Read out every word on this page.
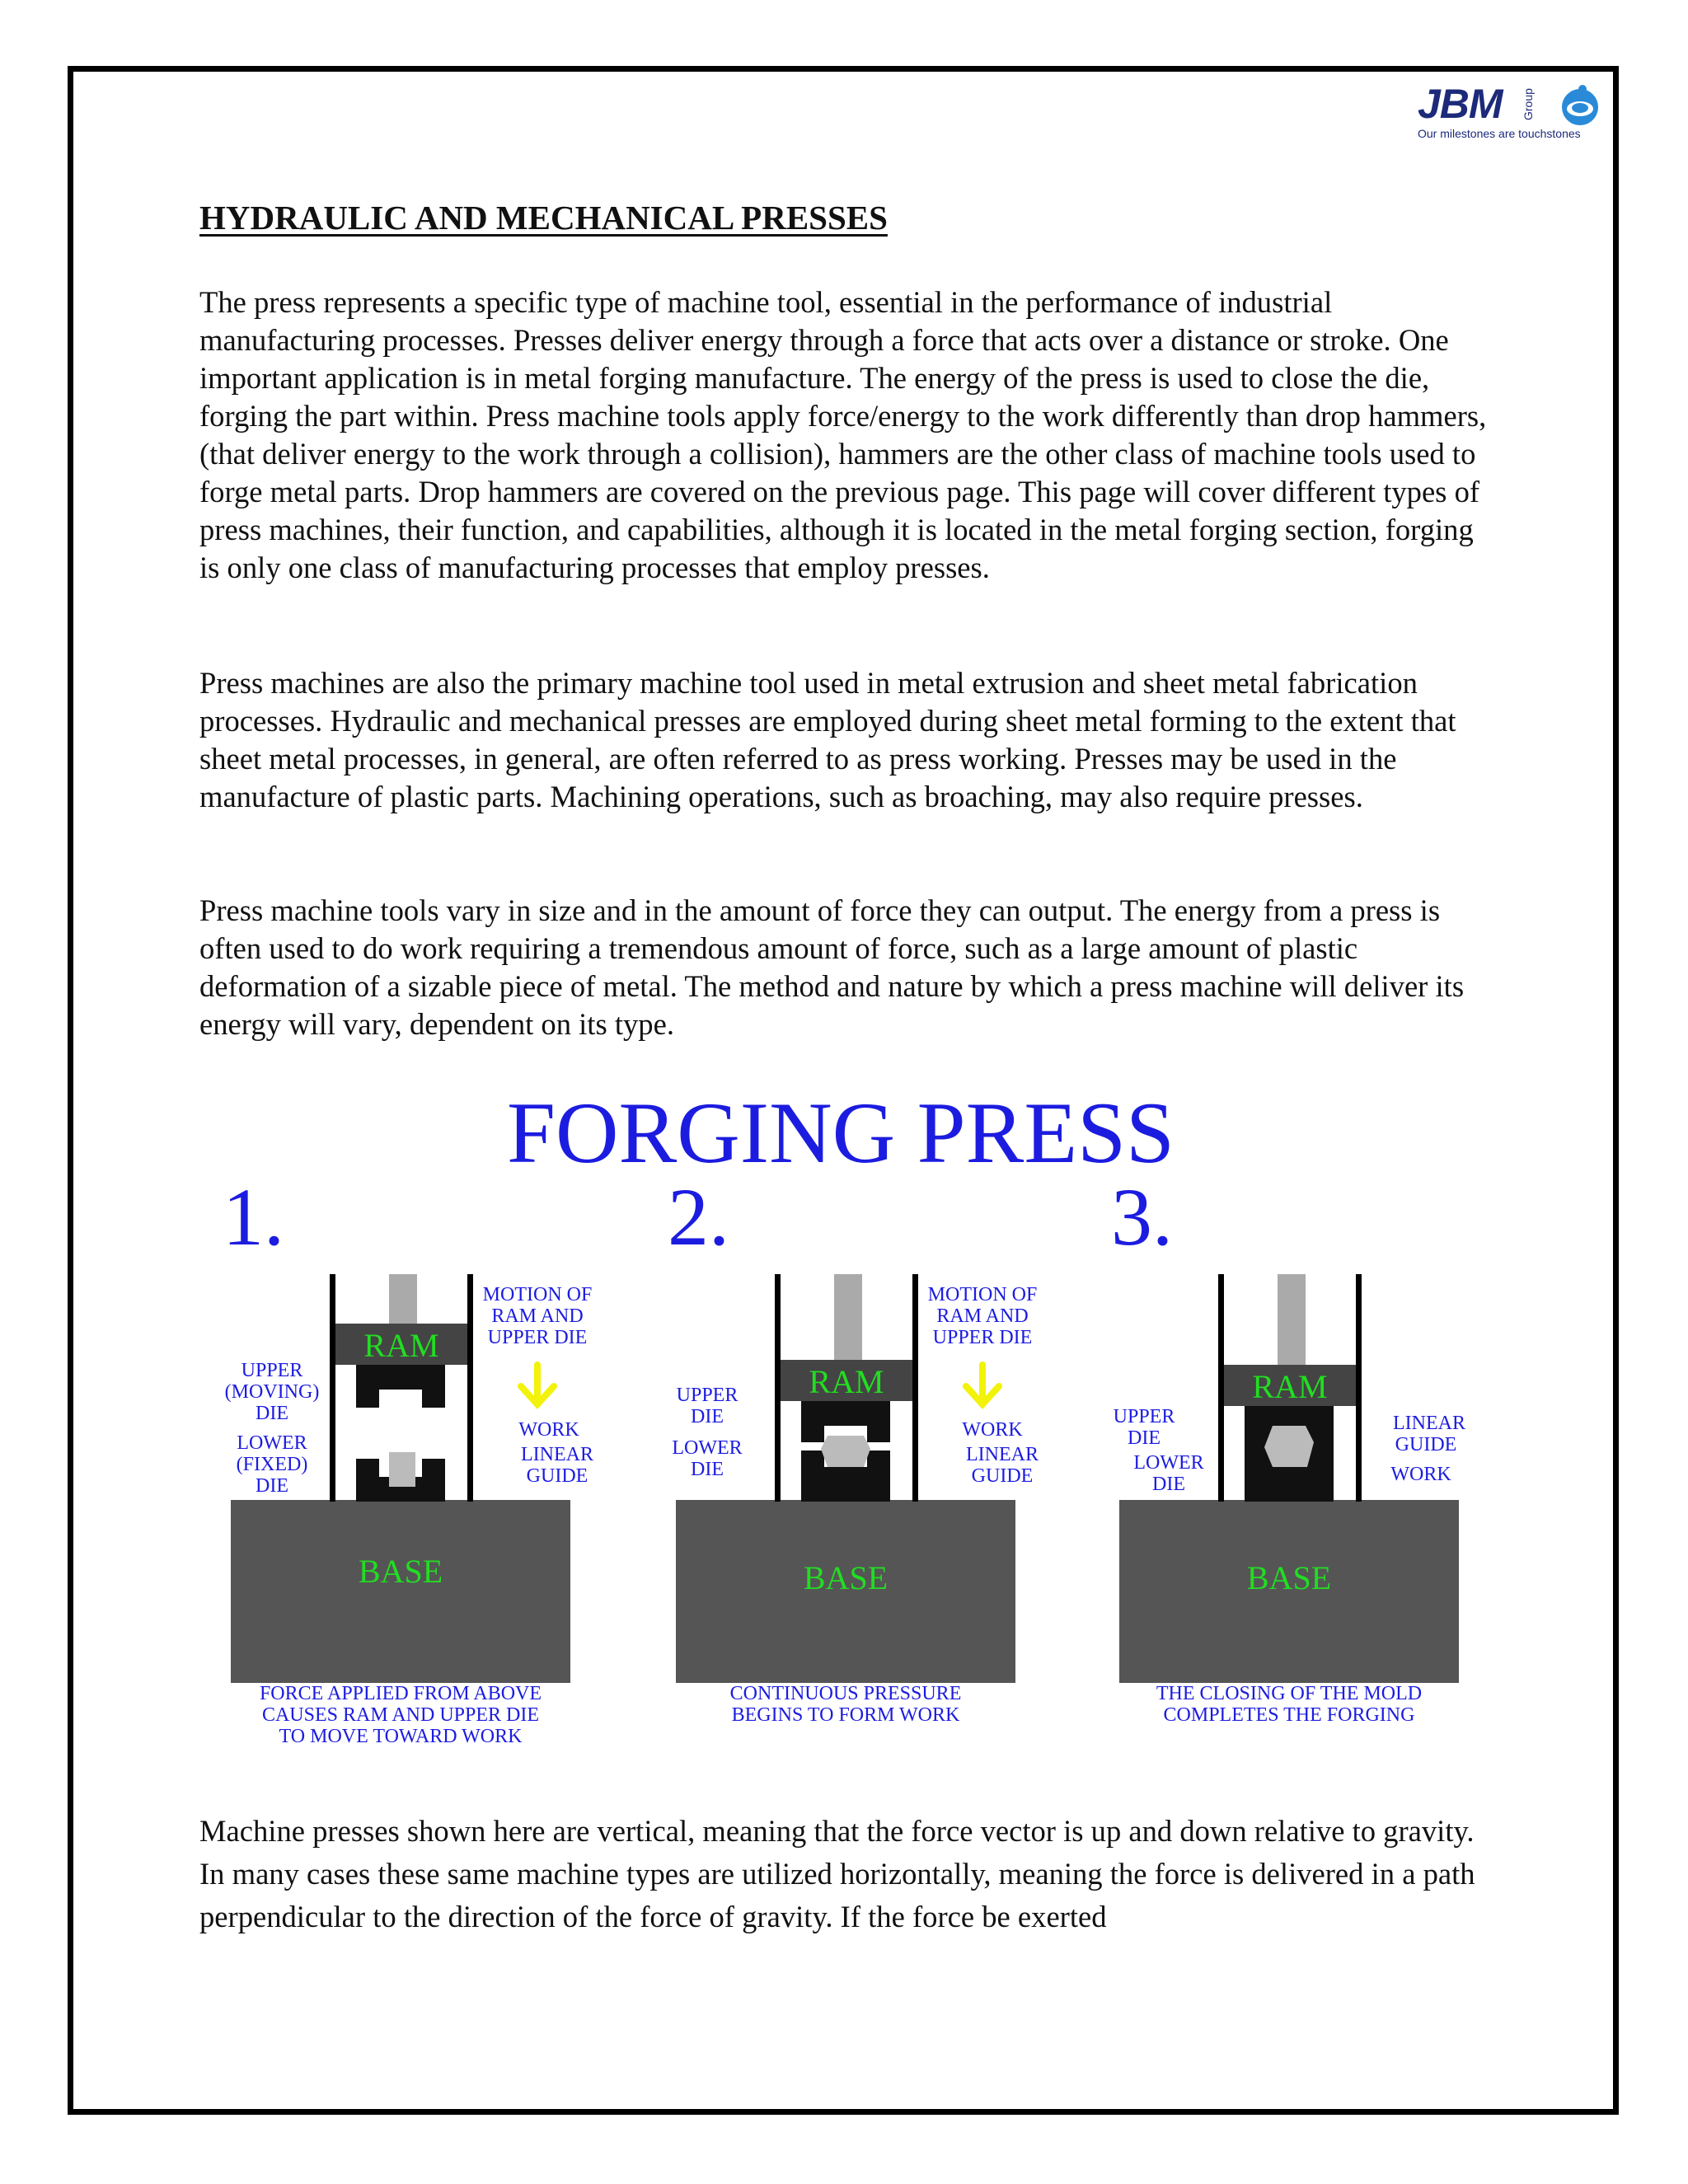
JBM Group
Our milestones are touchstones
HYDRAULIC AND MECHANICAL PRESSES

The press represents a specific type of machine tool, essential in the performance of industrial manufacturing processes. Presses deliver energy through a force that acts over a distance or stroke. One important application is in metal forging manufacture. The energy of the press is used to close the die, forging the part within. Press machine tools apply force/energy to the work differently than drop hammers, (that deliver energy to the work through a collision), hammers are the other class of machine tools used to forge metal parts. Drop hammers are covered on the previous page. This page will cover different types of press machines, their function, and capabilities, although it is located in the metal forging section, forging is only one class of manufacturing processes that employ presses.

Press machines are also the primary machine tool used in metal extrusion and sheet metal fabrication processes. Hydraulic and mechanical presses are employed during sheet metal forming to the extent that sheet metal processes, in general, are often referred to as press working. Presses may be used in the manufacture of plastic parts. Machining operations, such as broaching, may also require presses.

Press machine tools vary in size and in the amount of force they can output. The energy from a press is often used to do work requiring a tremendous amount of force, such as a large amount of plastic deformation of a sizable piece of metal. The method and nature by which a press machine will deliver its energy will vary, dependent on its type.

FORGING PRESS
1.
RAM
BASE
MOTION OF
RAM AND
UPPER DIE
UPPER
(MOVING)
DIE
LOWER
(FIXED)
DIE
WORK
LINEAR
GUIDE
FORCE APPLIED FROM ABOVE
CAUSES RAM AND UPPER DIE
TO MOVE TOWARD WORK
2.
RAM
BASE
MOTION OF
RAM AND
UPPER DIE
UPPER
DIE
LOWER
DIE
WORK
LINEAR
GUIDE
CONTINUOUS PRESSURE
BEGINS TO FORM WORK
3.
RAM
BASE
UPPER
DIE
LOWER
DIE
LINEAR
GUIDE
WORK
THE CLOSING OF THE MOLD
COMPLETES THE FORGING

Machine presses shown here are vertical, meaning that the force vector is up and down relative to gravity. In many cases these same machine types are utilized horizontally, meaning the force is delivered in a path perpendicular to the direction of the force of gravity. If the force be exerted
